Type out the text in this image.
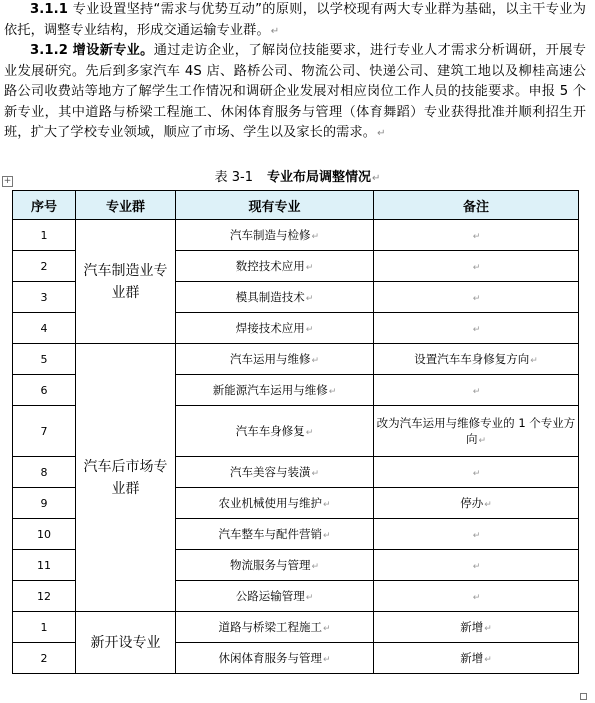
3.1.1 专业设置坚持“需求与优势互动”的原则，以学校现有两大专业群为基础，以主干专业为依托，调整专业结构，形成交通运输专业群。↵
3.1.2 增设新专业。通过走访企业，了解岗位技能要求，进行专业人才需求分析调研，开展专业发展研究。先后到多家汽车 4S 店、路桥公司、物流公司、快递公司、建筑工地以及柳桂高速公路公司收费站等地方了解学生工作情况和调研企业发展对相应岗位工作人员的技能要求。申报 5 个新专业，其中道路与桥梁工程施工、休闲体育服务与管理（体育舞蹈）专业获得批准并顺利招生开班，扩大了学校专业领域，顺应了市场、学生以及家长的需求。↵
+	表 3-1 专业布局调整情况↵
序号	专业群	现有专业	备注
1	汽车制造业专业群	汽车制造与检修↵	↵
2		数控技术应用↵	↵
3		模具制造技术↵	↵
4		焊接技术应用↵	↵
5	汽车后市场专业群	汽车运用与维修↵	设置汽车车身修复方向↵
6		新能源汽车运用与维修↵	↵
7		汽车车身修复↵	改为汽车运用与维修专业的 1 个专业方向↵
8		汽车美容与装潢↵	↵
9		农业机械使用与维护↵	停办↵
10		汽车整车与配件营销↵	↵
11		物流服务与管理↵	↵
12		公路运输管理↵	↵
1	新开设专业	道路与桥梁工程施工↵	新增↵
2		休闲体育服务与管理↵	新增↵
